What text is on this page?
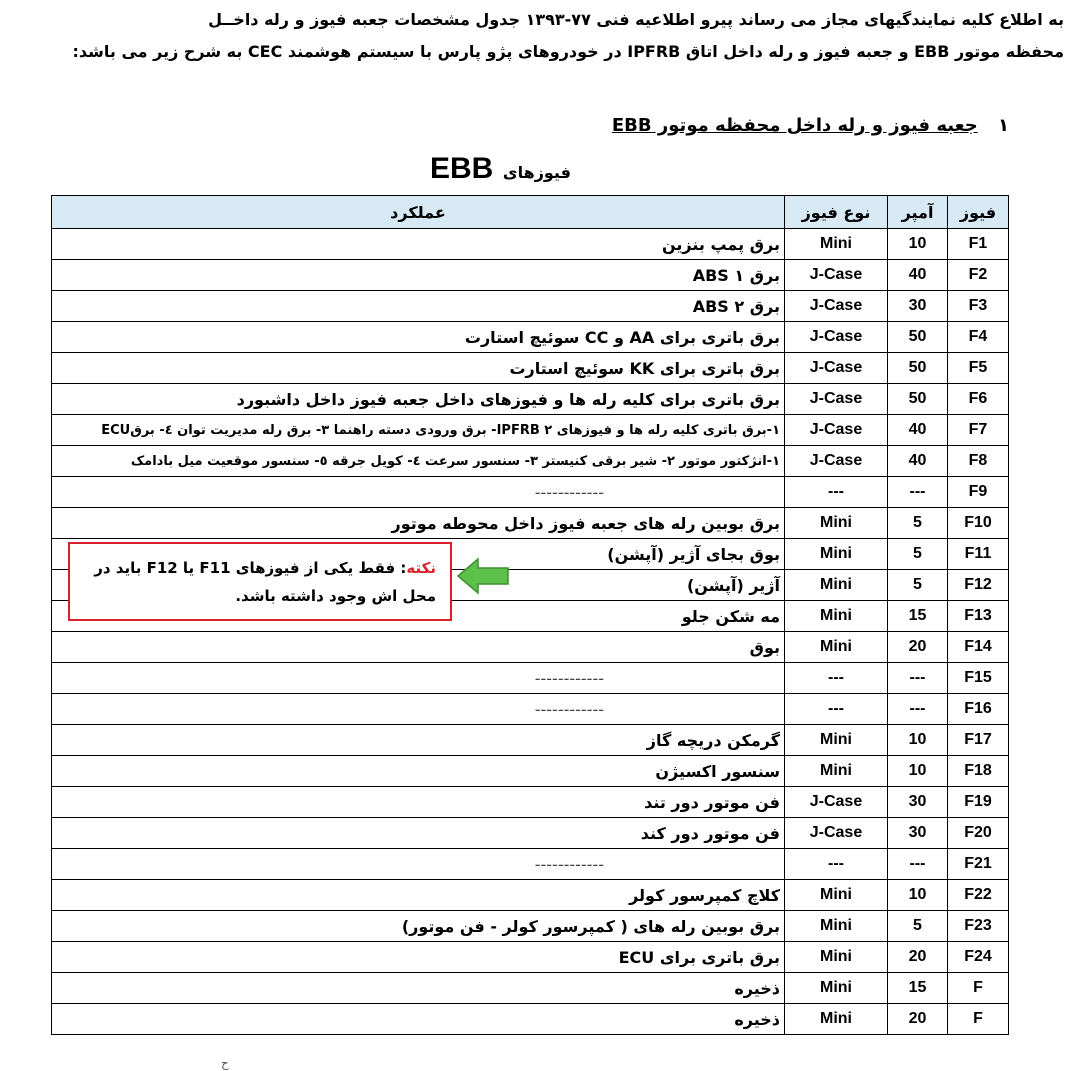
به اطلاع کلیه نمایندگیهای مجاز می رساند پیرو اطلاعیه فنی ۷۷-۱۳۹۳ جدول مشخصات جعبه فیوز و رله داخــل
محفظه موتور EBB و جعبه فیوز و رله داخل اتاق IPFRB در خودروهای پژو پارس با سیستم هوشمند CEC به شرح زیر می باشد:
۱ جعبه فیوز و رله داخل محفظه موتور EBB
فیوزهای EBB
فیوز	آمپر	نوع فیوز	عملکرد
F1	10	Mini	برق پمپ بنزین
F2	40	J-Case	برق ۱ ABS
F3	30	J-Case	برق ۲ ABS
F4	50	J-Case	برق باتری برای AA و CC سوئیچ استارت
F5	50	J-Case	برق باتری برای KK سوئیچ استارت
F6	50	J-Case	برق باتری برای کلیه رله ها و فیوزهای داخل جعبه فیوز داخل داشبورد
F7	40	J-Case	۱-برق باتری کلیه رله ها و فیوزهای IPFRB ۲- برق ورودی دسته راهنما ۳- برق رله مدیریت توان ٤- برقECU
F8	40	J-Case	۱-انژکتور موتور ۲- شیر برقی کنیستر ۳- سنسور سرعت ٤- کویل جرقه ٥- سنسور موقعیت میل بادامک
F9	---	---	------------
F10	5	Mini	برق بوبین رله های جعبه فیوز داخل محوطه موتور
F11	5	Mini	بوق بجای آژیر (آپشن)
F12	5	Mini	آژیر (آپشن)
F13	15	Mini	مه شکن جلو
F14	20	Mini	بوق
F15	---	---	------------
F16	---	---	------------
F17	10	Mini	گرمکن دریچه گاز
F18	10	Mini	سنسور اکسیژن
F19	30	J-Case	فن موتور دور تند
F20	30	J-Case	فن موتور دور کند
F21	---	---	------------
F22	10	Mini	کلاچ کمپرسور کولر
F23	5	Mini	برق بوبین رله های ( کمپرسور کولر - فن موتور)
F24	20	Mini	برق باتری برای ECU
F	15	Mini	ذخیره
F	20	Mini	ذخیره
نکته: فقط یکی از فیوزهای F11 یا F12 باید در
محل اش وجود داشته باشد.
ح
